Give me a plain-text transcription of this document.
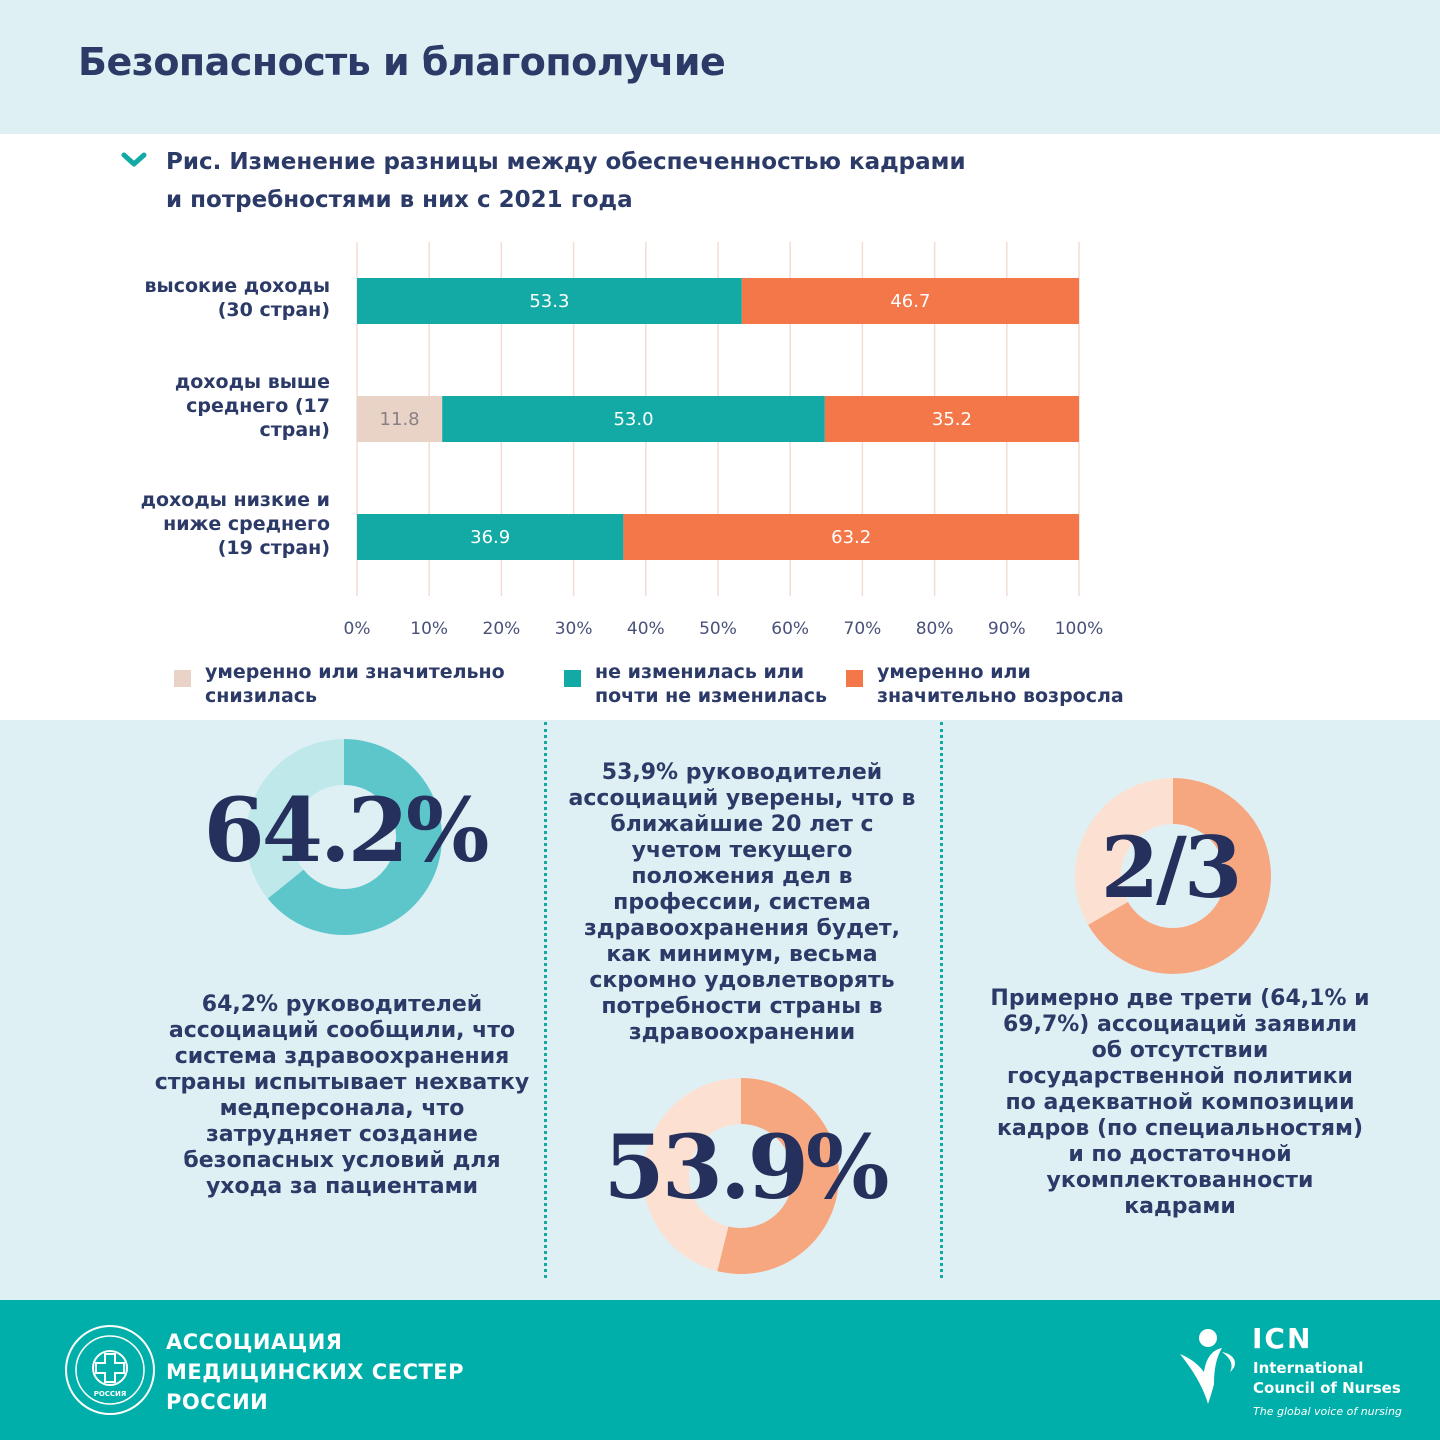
Безопасность и благополучие
Рис. Изменение разницы между обеспеченностью кадрами и потребностями в них с 2021 года
53.3	46.7
11.8	53.0	35.2
36.9	63.2
0% 10% 20% 30% 40% 50% 60% 70% 80% 90% 100%
высокие доходы
(30 стран)
доходы выше
среднего (17
стран)
доходы низкие и
ниже среднего
(19 стран)
умеренно или значительно
снизилась
не изменилась или
почти не изменилась
умеренно или
значительно возросла
64.2%
64,2% руководителей ассоциаций сообщили, что система здравоохранения страны испытывает нехватку медперсонала, что затрудняет создание безопасных условий для ухода за пациентами
53,9% руководителей ассоциаций уверены, что в ближайшие 20 лет с учетом текущего положения дел в профессии, система здравоохранения будет, как минимум, весьма скромно удовлетворять потребности страны в здравоохранении
53.9%
2/3
Примерно две трети (64,1% и 69,7%) ассоциаций заявили об отсутствии государственной политики по адекватной композиции кадров (по специальностям) и по достаточной укомплектованности кадрами
РОССИЯ
АССОЦИАЦИЯ
МЕДИЦИНСКИХ СЕСТЕР
РОССИИ
ICN
International
Council of Nurses
The global voice of nursing
